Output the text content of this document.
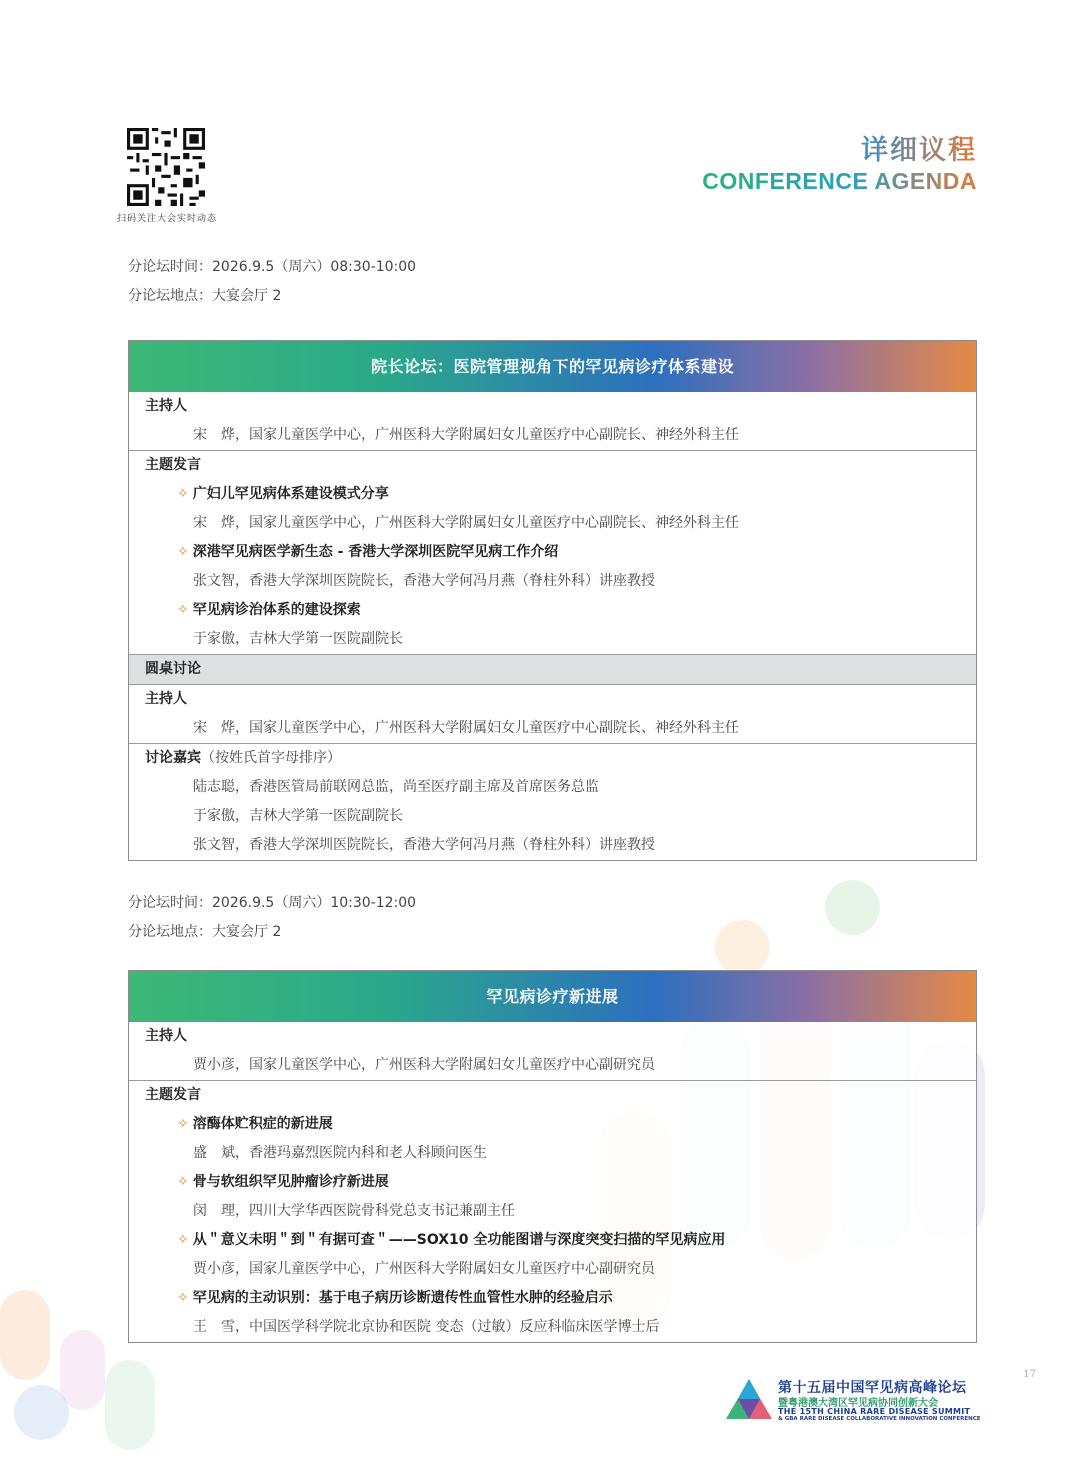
扫码关注大会实时动态
详细议程
CONFERENCE AGENDA
分论坛时间：2026.9.5（周六）08:30-10:00
分论坛地点：大宴会厅 2
院长论坛：医院管理视角下的罕见病诊疗体系建设
主持人
宋　烨，国家儿童医学中心，广州医科大学附属妇女儿童医疗中心副院长、神经外科主任
主题发言
✧ 广妇儿罕见病体系建设模式分享
宋　烨，国家儿童医学中心，广州医科大学附属妇女儿童医疗中心副院长、神经外科主任
✧ 深港罕见病医学新生态 - 香港大学深圳医院罕见病工作介绍
张文智，香港大学深圳医院院长，香港大学何冯月燕（脊柱外科）讲座教授
✧ 罕见病诊治体系的建设探索
于家傲，吉林大学第一医院副院长
圆桌讨论
主持人
宋　烨，国家儿童医学中心，广州医科大学附属妇女儿童医疗中心副院长、神经外科主任
讨论嘉宾（按姓氏首字母排序）
陆志聪，香港医管局前联网总监，尚至医疗副主席及首席医务总监
于家傲，吉林大学第一医院副院长
张文智，香港大学深圳医院院长，香港大学何冯月燕（脊柱外科）讲座教授
分论坛时间：2026.9.5（周六）10:30-12:00
分论坛地点：大宴会厅 2
罕见病诊疗新进展
主持人
贾小彦，国家儿童医学中心，广州医科大学附属妇女儿童医疗中心副研究员
主题发言
✧ 溶酶体贮积症的新进展
盛　斌，香港玛嘉烈医院内科和老人科顾问医生
✧ 骨与软组织罕见肿瘤诊疗新进展
闵　理，四川大学华西医院骨科党总支书记兼副主任
✧ 从＂意义未明＂到＂有据可查＂——SOX10 全功能图谱与深度突变扫描的罕见病应用
贾小彦，国家儿童医学中心，广州医科大学附属妇女儿童医疗中心副研究员
✧ 罕见病的主动识别：基于电子病历诊断遗传性血管性水肿的经验启示
王　雪，中国医学科学院北京协和医院 变态（过敏）反应科临床医学博士后
第十五届中国罕见病高峰论坛
暨粤港澳大湾区罕见病协同创新大会
THE 15TH CHINA RARE DISEASE SUMMIT
& GBA RARE DISEASE COLLABORATIVE INNOVATION CONFERENCE
17
